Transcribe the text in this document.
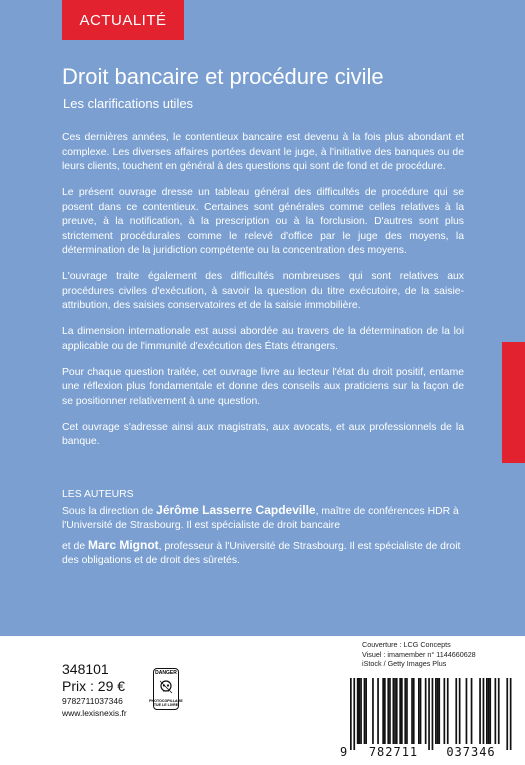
ACTUALITÉ
Droit bancaire et procédure civile
Les clarifications utiles

Ces dernières années, le contentieux bancaire est devenu à la fois plus abondant et complexe. Les diverses affaires portées devant le juge, à l'initiative des banques ou de leurs clients, touchent en général à des questions qui sont de fond et de procédure.

Le présent ouvrage dresse un tableau général des difficultés de procédure qui se posent dans ce contentieux. Certaines sont générales comme celles relatives à la preuve, à la notification, à la prescription ou à la forclusion. D'autres sont plus strictement procédurales comme le relevé d'office par le juge des moyens, la détermination de la juridiction compétente ou la concentration des moyens.

L'ouvrage traite également des difficultés nombreuses qui sont relatives aux procédures civiles d'exécution, à savoir la question du titre exécutoire, de la saisie-attribution, des saisies conservatoires et de la saisie immobilière.

La dimension internationale est aussi abordée au travers de la détermination de la loi applicable ou de l'immunité d'exécution des États étrangers.

Pour chaque question traitée, cet ouvrage livre au lecteur l'état du droit positif, entame une réflexion plus fondamentale et donne des conseils aux praticiens sur la façon de se positionner relativement à une question.

Cet ouvrage s'adresse ainsi aux magistrats, aux avocats, et aux professionnels de la banque.

LES AUTEURS
Sous la direction de Jérôme Lasserre Capdeville, maître de conférences HDR à l'Université de Strasbourg. Il est spécialiste de droit bancaire
et de Marc Mignot, professeur à l'Université de Strasbourg. Il est spécialiste de droit des obligations et de droit des sûretés.
348101
Prix : 29 €
9782711037346
www.lexisnexis.fr
DANGER
PHOTOCOPILLAGE TUE LE LIVRE
Couverture : LCG Concepts
Visuel : imamember n° 1144660628
iStock / Getty Images Plus
9	782711	037346
